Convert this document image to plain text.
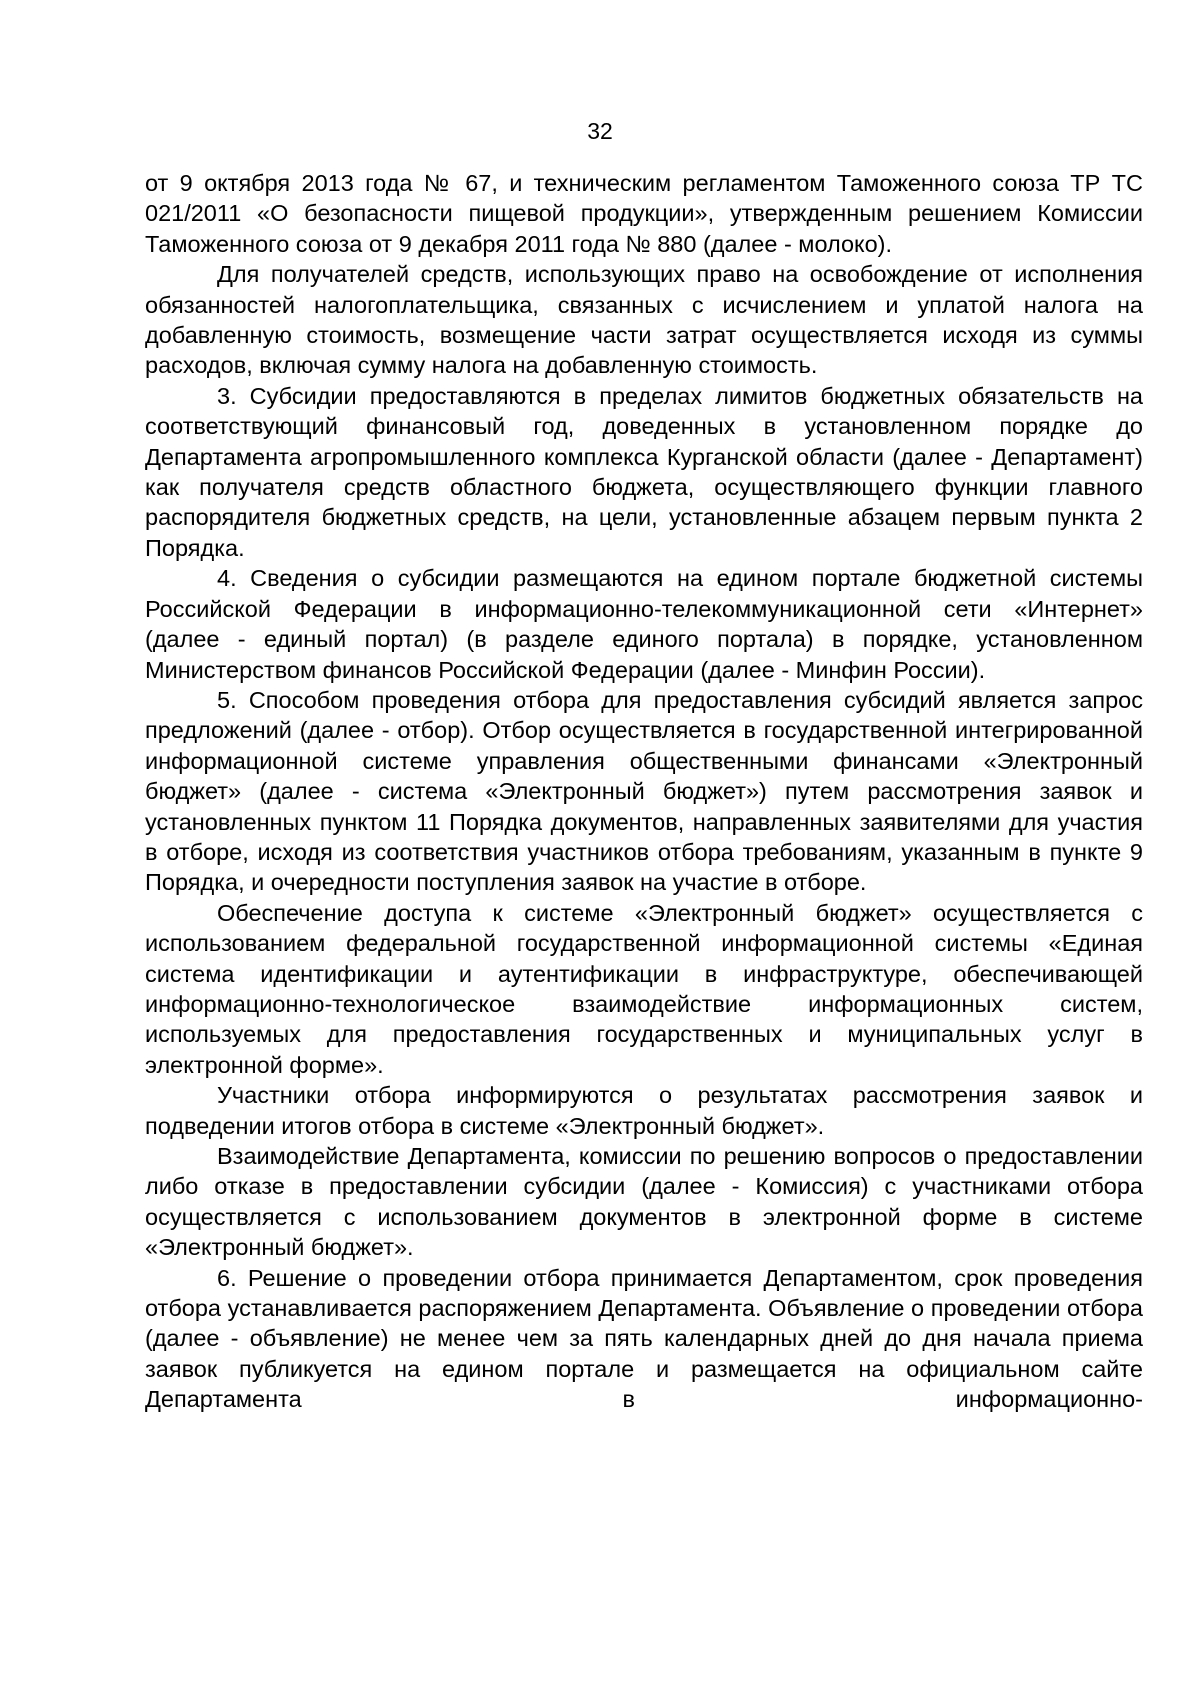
32

от 9 октября 2013 года № 67, и техническим регламентом Таможенного союза ТР ТС 021/2011 «О безопасности пищевой продукции», утвержденным решением Комиссии Таможенного союза от 9 декабря 2011 года № 880 (далее - молоко).

Для получателей средств, использующих право на освобождение от исполнения обязанностей налогоплательщика, связанных с исчислением и уплатой налога на добавленную стоимость, возмещение части затрат осуществляется исходя из суммы расходов, включая сумму налога на добавленную стоимость.

3. Субсидии предоставляются в пределах лимитов бюджетных обязательств на соответствующий финансовый год, доведенных в установленном порядке до Департамента агропромышленного комплекса Курганской области (далее - Департамент) как получателя средств областного бюджета, осуществляющего функции главного распорядителя бюджетных средств, на цели, установленные абзацем первым пункта 2 Порядка.

4. Сведения о субсидии размещаются на едином портале бюджетной системы Российской Федерации в информационно-телекоммуникационной сети «Интернет» (далее - единый портал) (в разделе единого портала) в порядке, установленном Министерством финансов Российской Федерации (далее - Минфин России).

5. Способом проведения отбора для предоставления субсидий является запрос предложений (далее - отбор). Отбор осуществляется в государственной интегрированной информационной системе управления общественными финансами «Электронный бюджет» (далее - система «Электронный бюджет») путем рассмотрения заявок и установленных пунктом 11 Порядка документов, направленных заявителями для участия в отборе, исходя из соответствия участников отбора требованиям, указанным в пункте 9 Порядка, и очередности поступления заявок на участие в отборе.

Обеспечение доступа к системе «Электронный бюджет» осуществляется с использованием федеральной государственной информационной системы «Единая система идентификации и аутентификации в инфраструктуре, обеспечивающей информационно-технологическое взаимодействие информационных систем, используемых для предоставления государственных и муниципальных услуг в электронной форме».

Участники отбора информируются о результатах рассмотрения заявок и подведении итогов отбора в системе «Электронный бюджет».

Взаимодействие Департамента, комиссии по решению вопросов о предоставлении либо отказе в предоставлении субсидии (далее - Комиссия) с участниками отбора осуществляется с использованием документов в электронной форме в системе «Электронный бюджет».

6. Решение о проведении отбора принимается Департаментом, срок проведения отбора устанавливается распоряжением Департамента. Объявление о проведении отбора (далее - объявление) не менее чем за пять календарных дней до дня начала приема заявок публикуется на едином портале и размещается на официальном сайте Департамента в информационно-
